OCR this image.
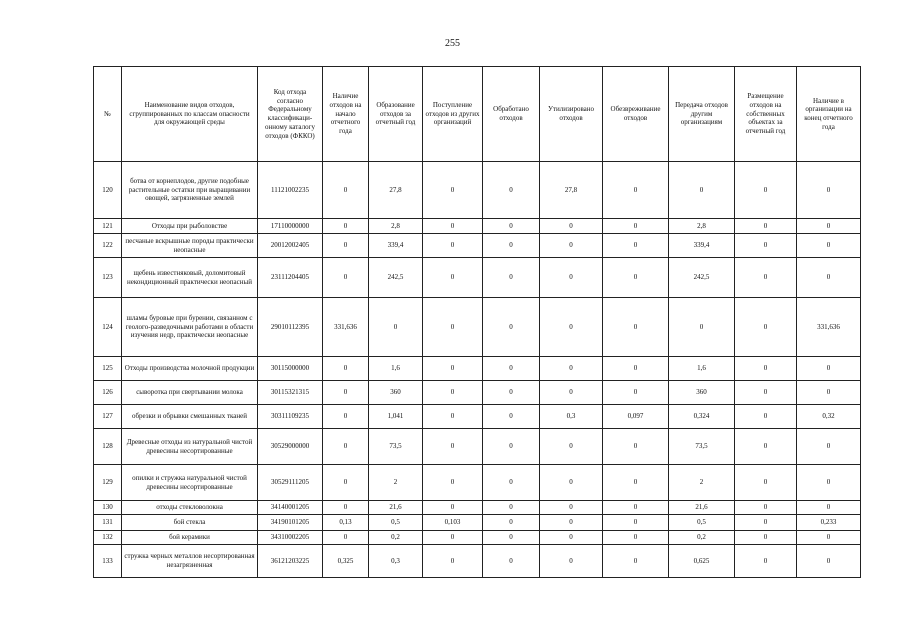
255
№	Наименование видов отходов, сгруппированных по классам опасности для окружающей среды	Код отхода согласно Федеральному классификаци-онному каталогу отходов (ФККО)	Наличие отходов на начало отчетного года	Образование отходов за отчетный год	Поступление отходов из других организаций	Обработано отходов	Утилизировано отходов	Обезвреживание отходов	Передача отходов другим организациям	Размещение отходов на собственных объектах за отчетный год	Наличие в организации на конец отчетного года
120	ботва от корнеплодов, другие подобные растительные остатки при выращивании овощей, загрязненные землей	11121002235	0	27,8	0	0	27,8	0	0	0	0
121	Отходы при рыболовстве	17110000000	0	2,8	0	0	0	0	2,8	0	0
122	песчаные вскрышные породы практически неопасные	20012002405	0	339,4	0	0	0	0	339,4	0	0
123	щебень известняковый, доломитовый некондиционный практически неопасный	23111204405	0	242,5	0	0	0	0	242,5	0	0
124	шламы буровые при бурении, связанном с геолого-разведочными работами в области изучения недр, практически неопасные	29010112395	331,636	0	0	0	0	0	0	0	331,636
125	Отходы производства молочной продукции	30115000000	0	1,6	0	0	0	0	1,6	0	0
126	сыворотка при свертывании молока	30115321315	0	360	0	0	0	0	360	0	0
127	обрезки и обрывки смешанных тканей	30311109235	0	1,041	0	0	0,3	0,097	0,324	0	0,32
128	Древесные отходы из натуральной чистой древесины несортированные	30529000000	0	73,5	0	0	0	0	73,5	0	0
129	опилки и стружка натуральной чистой древесины несортированные	30529111205	0	2	0	0	0	0	2	0	0
130	отходы стекловолокна	34140001205	0	21,6	0	0	0	0	21,6	0	0
131	бой стекла	34190101205	0,13	0,5	0,103	0	0	0	0,5	0	0,233
132	бой керамики	34310002205	0	0,2	0	0	0	0	0,2	0	0
133	стружка черных металлов несортированная незагрязненная	36121203225	0,325	0,3	0	0	0	0	0,625	0	0
